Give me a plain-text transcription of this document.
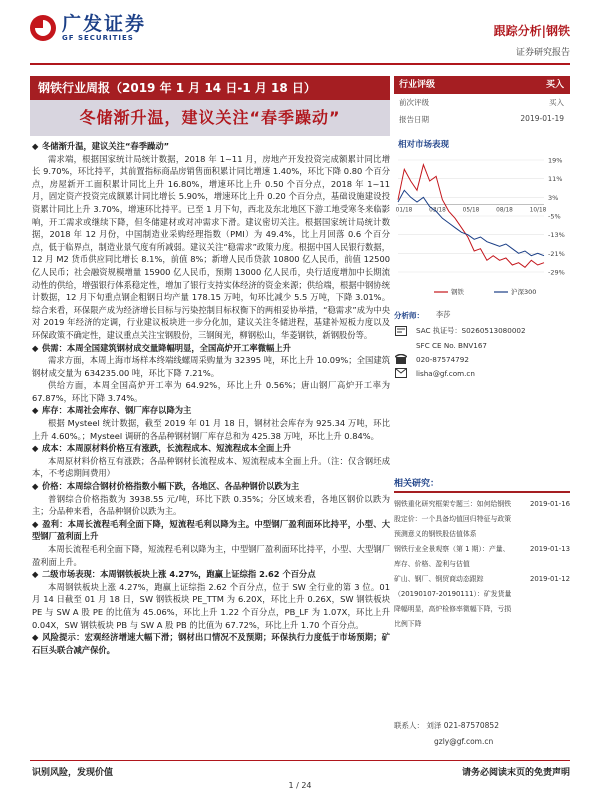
广发证券
GF SECURITIES	跟踪分析|钢铁
证券研究报告
钢铁行业周报（2019 年 1 月 14 日-1 月 18 日）
冬储渐升温，建议关注“春季躁动”

◆ 冬储渐升温，建议关注“春季躁动”

需求端，根据国家统计局统计数据，2018 年 1~11 月，房地产开发投资完成额累计同比增长 9.70%，环比持平，其前置指标商品房销售面积累计同比增速 1.40%，环比下降 0.80 个百分点，房屋新开工面积累计同比上升 16.80%，增速环比上升 0.50 个百分点，2018 年 1~11 月，固定资产投资完成额累计同比增长 5.90%，增速环比上升 0.20 个百分点，基础设施建设投资累计同比上升 3.70%，增速环比持平。已至 1 月下旬，西北及东北地区下游工地受寒冬来临影响，开工需求或继续下降，但冬储建材或对冲需求下滑。建议密切关注。根据国家统计局统计数据，2018 年 12 月份，中国制造业采购经理指数（PMI）为 49.4%，比上月回落 0.6 个百分点，低于临界点，制造业景气度有所减弱。建议关注“稳需求”政策力度。根据中国人民银行数据，12 月 M2 货币供应同比增长 8.1%，前值 8%；新增人民币贷款 10800 亿人民币，前值 12500 亿人民币；社会融资规模增量 15900 亿人民币，预期 13000 亿人民币，央行适度增加中长期流动性的供给，增强银行体系稳定性，增加了银行支持实体经济的资金来源；供给端，根据中钢协统计数据，12 月下旬重点钢企粗钢日均产量 178.15 万吨，旬环比减少 5.5 万吨，下降 3.01%。综合来看，环保限产成为经济增长目标与污染控制目标权衡下的两相妥协举措，“稳需求”成为中央对 2019 年经济的定调，行业建议板块进一步分化加，建议关注冬储进程，基建补短板力度以及环保政策不确定性，建议重点关注宝钢股份，三钢闽光，柳钢松山，华菱钢铁，新钢股份等。

◆ 供需：本周全国建筑钢材成交量降幅明显，全国高炉开工率微幅上升

需求方面，本周上海市场样本终端线螺周采购量为 32395 吨，环比上升 10.09%；全国建筑钢材成交量为 634235.00 吨，环比下降 7.21%。

供给方面，本周全国高炉开工率为 64.92%，环比上升 0.56%；唐山钢厂高炉开工率为 67.87%，环比下降 3.74%。

◆ 库存：本周社会库存、钢厂库存以降为主

根据 Mysteel 统计数据，截至 2019 年 01 月 18 日，钢材社会库存为 925.34 万吨，环比上升 4.60%。；Mysteel 调研的各品种钢材钢厂库存总和为 425.38 万吨，环比上升 0.84%。

◆ 成本：本周原材料价格互有涨跌，长流程成本、短流程成本全面上升

本周原材料价格互有涨跌；各品种钢材长流程成本、短流程成本全面上升。（注：仅含钢坯成本，不考虑期间费用）

◆ 价格：本周综合钢材价格指数小幅下跌，各地区、各品种钢价以跌为主

普钢综合价格指数为 3938.55 元/吨，环比下跌 0.35%；分区域来看，各地区钢价以跌为主；分品种来看，各品种钢价以跌为主。

◆ 盈利：本周长流程毛利全面下降，短流程毛利以降为主。中型钢厂盈利面环比持平，小型、大型钢厂盈利面上升

本周长流程毛利全面下降，短流程毛利以降为主，中型钢厂盈利面环比持平，小型、大型钢厂盈利面上升。

◆ 二级市场表现：本周钢铁板块上涨 4.27%，跑赢上证综指 2.62 个百分点

本周钢铁板块上涨 4.27%，跑赢上证综指 2.62 个百分点，位于 SW 全行业的第 3 位。01 月 14 日截至 01 月 18 日，SW 钢铁板块 PE_TTM 为 6.20X，环比上升 0.26X，SW 钢铁板块 PE 与 SW A 股 PE 的比值为 45.06%，环比上升 1.22 个百分点，PB_LF 为 1.07X，环比上升 0.04X，SW 钢铁板块 PB 与 SW A 股 PB 的比值为 67.72%，环比上升 1.70 个百分点。

◆ 风险提示：宏观经济增速大幅下滑；钢材出口情况不及预期；环保执行力度低于市场预期；矿石巨头联合减产保价。

行业评级	买入
前次评级	买入
报告日期	2019-01-19
相对市场表现
19%
11%
3%
-5%
-13%
-21%
-29%
01/18	03/18	05/18	08/18	10/18
钢铁	沪深300
分析师：	李莎
SAC 执证号：S0260513080002
SFC CE No. BNV167
020-87574792
lisha@gf.com.cn
相关研究：
钢铁重化研究框架专题三：如何给钢铁股定价：一个具备均值回归特征与政策预测意义的钢铁股估值体系
2019-01-16
钢铁行业全景观察（第 1 期）：产量、库存、价格、盈利与估值
2019-01-13
矿山、钢厂、钢贸商动态跟踪（20190107-20190111）：矿发货量降幅明显，高炉检修率微幅下降，亏损比例下降
2019-01-12
联系人： 刘泽 021-87570852
gzly@gf.com.cn
识别风险，发现价值	请务必阅读末页的免责声明
1 / 24
